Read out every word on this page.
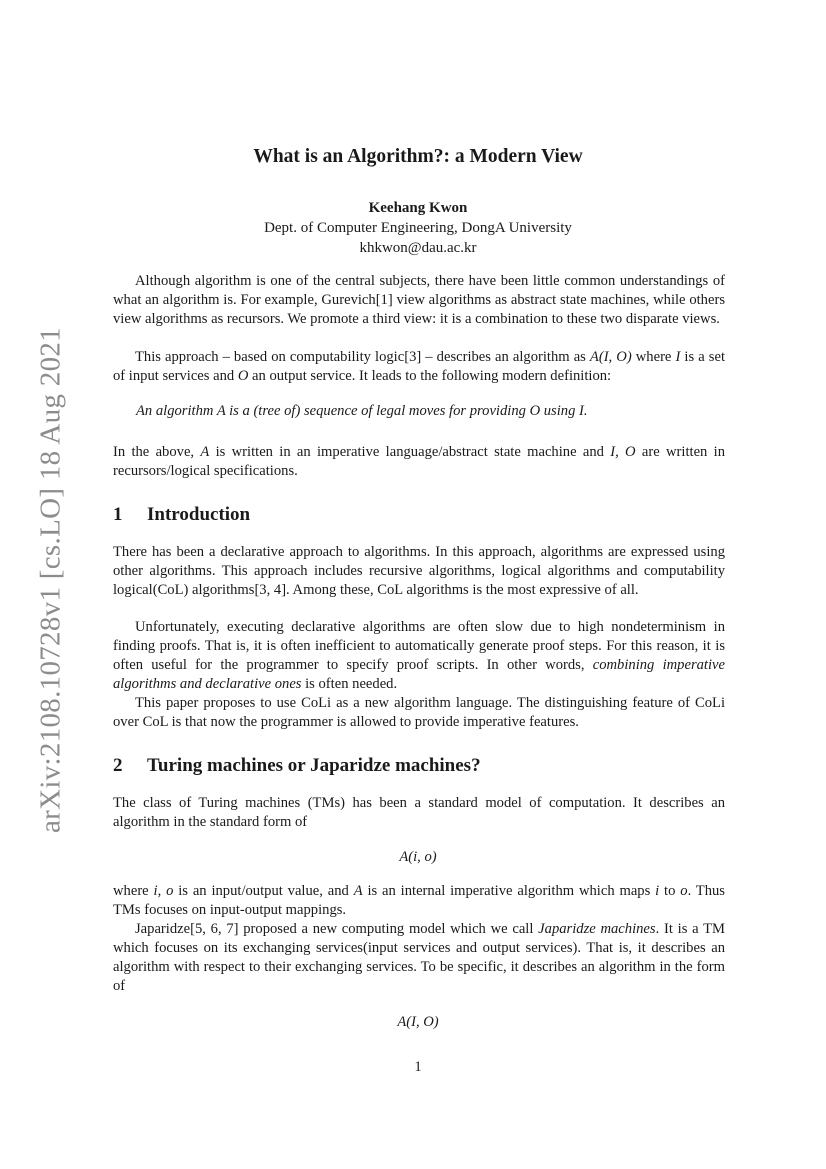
arXiv:2108.10728v1 [cs.LO] 18 Aug 2021
What is an Algorithm?: a Modern View
Keehang Kwon
Dept. of Computer Engineering, DongA University
khkwon@dau.ac.kr

Although algorithm is one of the central subjects, there have been little common understandings of what an algorithm is. For example, Gurevich[1] view algorithms as abstract state machines, while others view algorithms as recursors. We promote a third view: it is a combination to these two disparate views.

This approach – based on computability logic[3] – describes an algorithm as A(I, O) where I is a set of input services and O an output service. It leads to the following modern definition:

An algorithm A is a (tree of) sequence of legal moves for providing O using I.

In the above, A is written in an imperative language/abstract state machine and I, O are written in recursors/logical specifications.

1 Introduction

There has been a declarative approach to algorithms. In this approach, algorithms are expressed using other algorithms. This approach includes recursive algorithms, logical algorithms and computability logical(CoL) algorithms[3, 4]. Among these, CoL algorithms is the most expressive of all.

Unfortunately, executing declarative algorithms are often slow due to high nondeterminism in finding proofs. That is, it is often inefficient to automatically generate proof steps. For this reason, it is often useful for the programmer to specify proof scripts. In other words, combining imperative algorithms and declarative ones is often needed.

This paper proposes to use CoLi as a new algorithm language. The distinguishing feature of CoLi over CoL is that now the programmer is allowed to provide imperative features.

2 Turing machines or Japaridze machines?

The class of Turing machines (TMs) has been a standard model of computation. It describes an algorithm in the standard form of

A(i, o)

where i, o is an input/output value, and A is an internal imperative algorithm which maps i to o. Thus TMs focuses on input-output mappings.

Japaridze[5, 6, 7] proposed a new computing model which we call Japaridze machines. It is a TM which focuses on its exchanging services(input services and output services). That is, it describes an algorithm with respect to their exchanging services. To be specific, it describes an algorithm in the form of

A(I, O)
1
